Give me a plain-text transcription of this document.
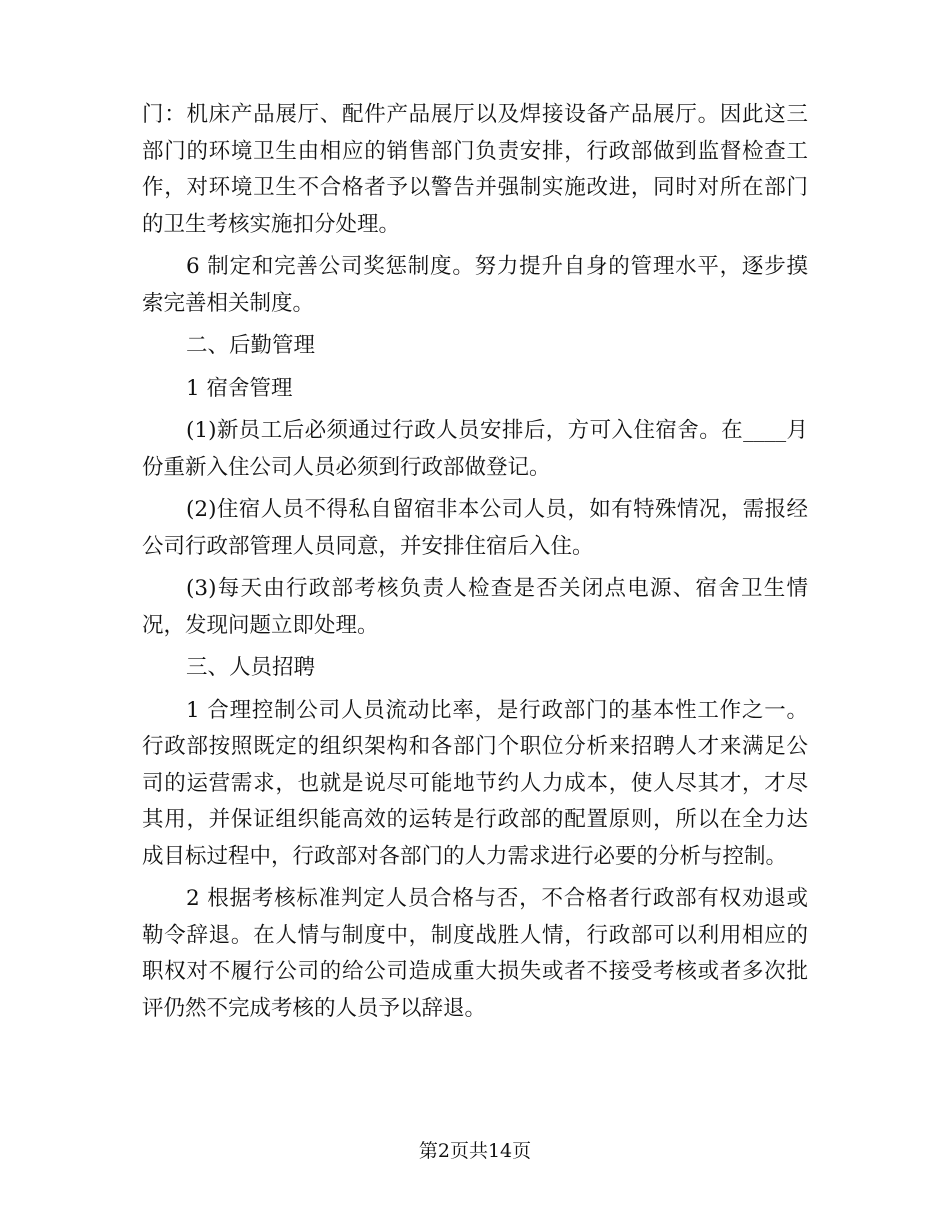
门：机床产品展厅、配件产品展厅以及焊接设备产品展厅。因此这三部门的环境卫生由相应的销售部门负责安排，行政部做到监督检查工作，对环境卫生不合格者予以警告并强制实施改进，同时对所在部门的卫生考核实施扣分处理。

6 制定和完善公司奖惩制度。努力提升自身的管理水平，逐步摸索完善相关制度。

二、后勤管理

1 宿舍管理

(1)新员工后必须通过行政人员安排后，方可入住宿舍。在____月份重新入住公司人员必须到行政部做登记。

(2)住宿人员不得私自留宿非本公司人员，如有特殊情况，需报经公司行政部管理人员同意，并安排住宿后入住。

(3)每天由行政部考核负责人检查是否关闭点电源、宿舍卫生情况，发现问题立即处理。

三、人员招聘

1 合理控制公司人员流动比率，是行政部门的基本性工作之一。行政部按照既定的组织架构和各部门个职位分析来招聘人才来满足公司的运营需求，也就是说尽可能地节约人力成本，使人尽其才，才尽其用，并保证组织能高效的运转是行政部的配置原则，所以在全力达成目标过程中，行政部对各部门的人力需求进行必要的分析与控制。

2 根据考核标准判定人员合格与否，不合格者行政部有权劝退或勒令辞退。在人情与制度中，制度战胜人情，行政部可以利用相应的职权对不履行公司的给公司造成重大损失或者不接受考核或者多次批评仍然不完成考核的人员予以辞退。

第2页共14页
